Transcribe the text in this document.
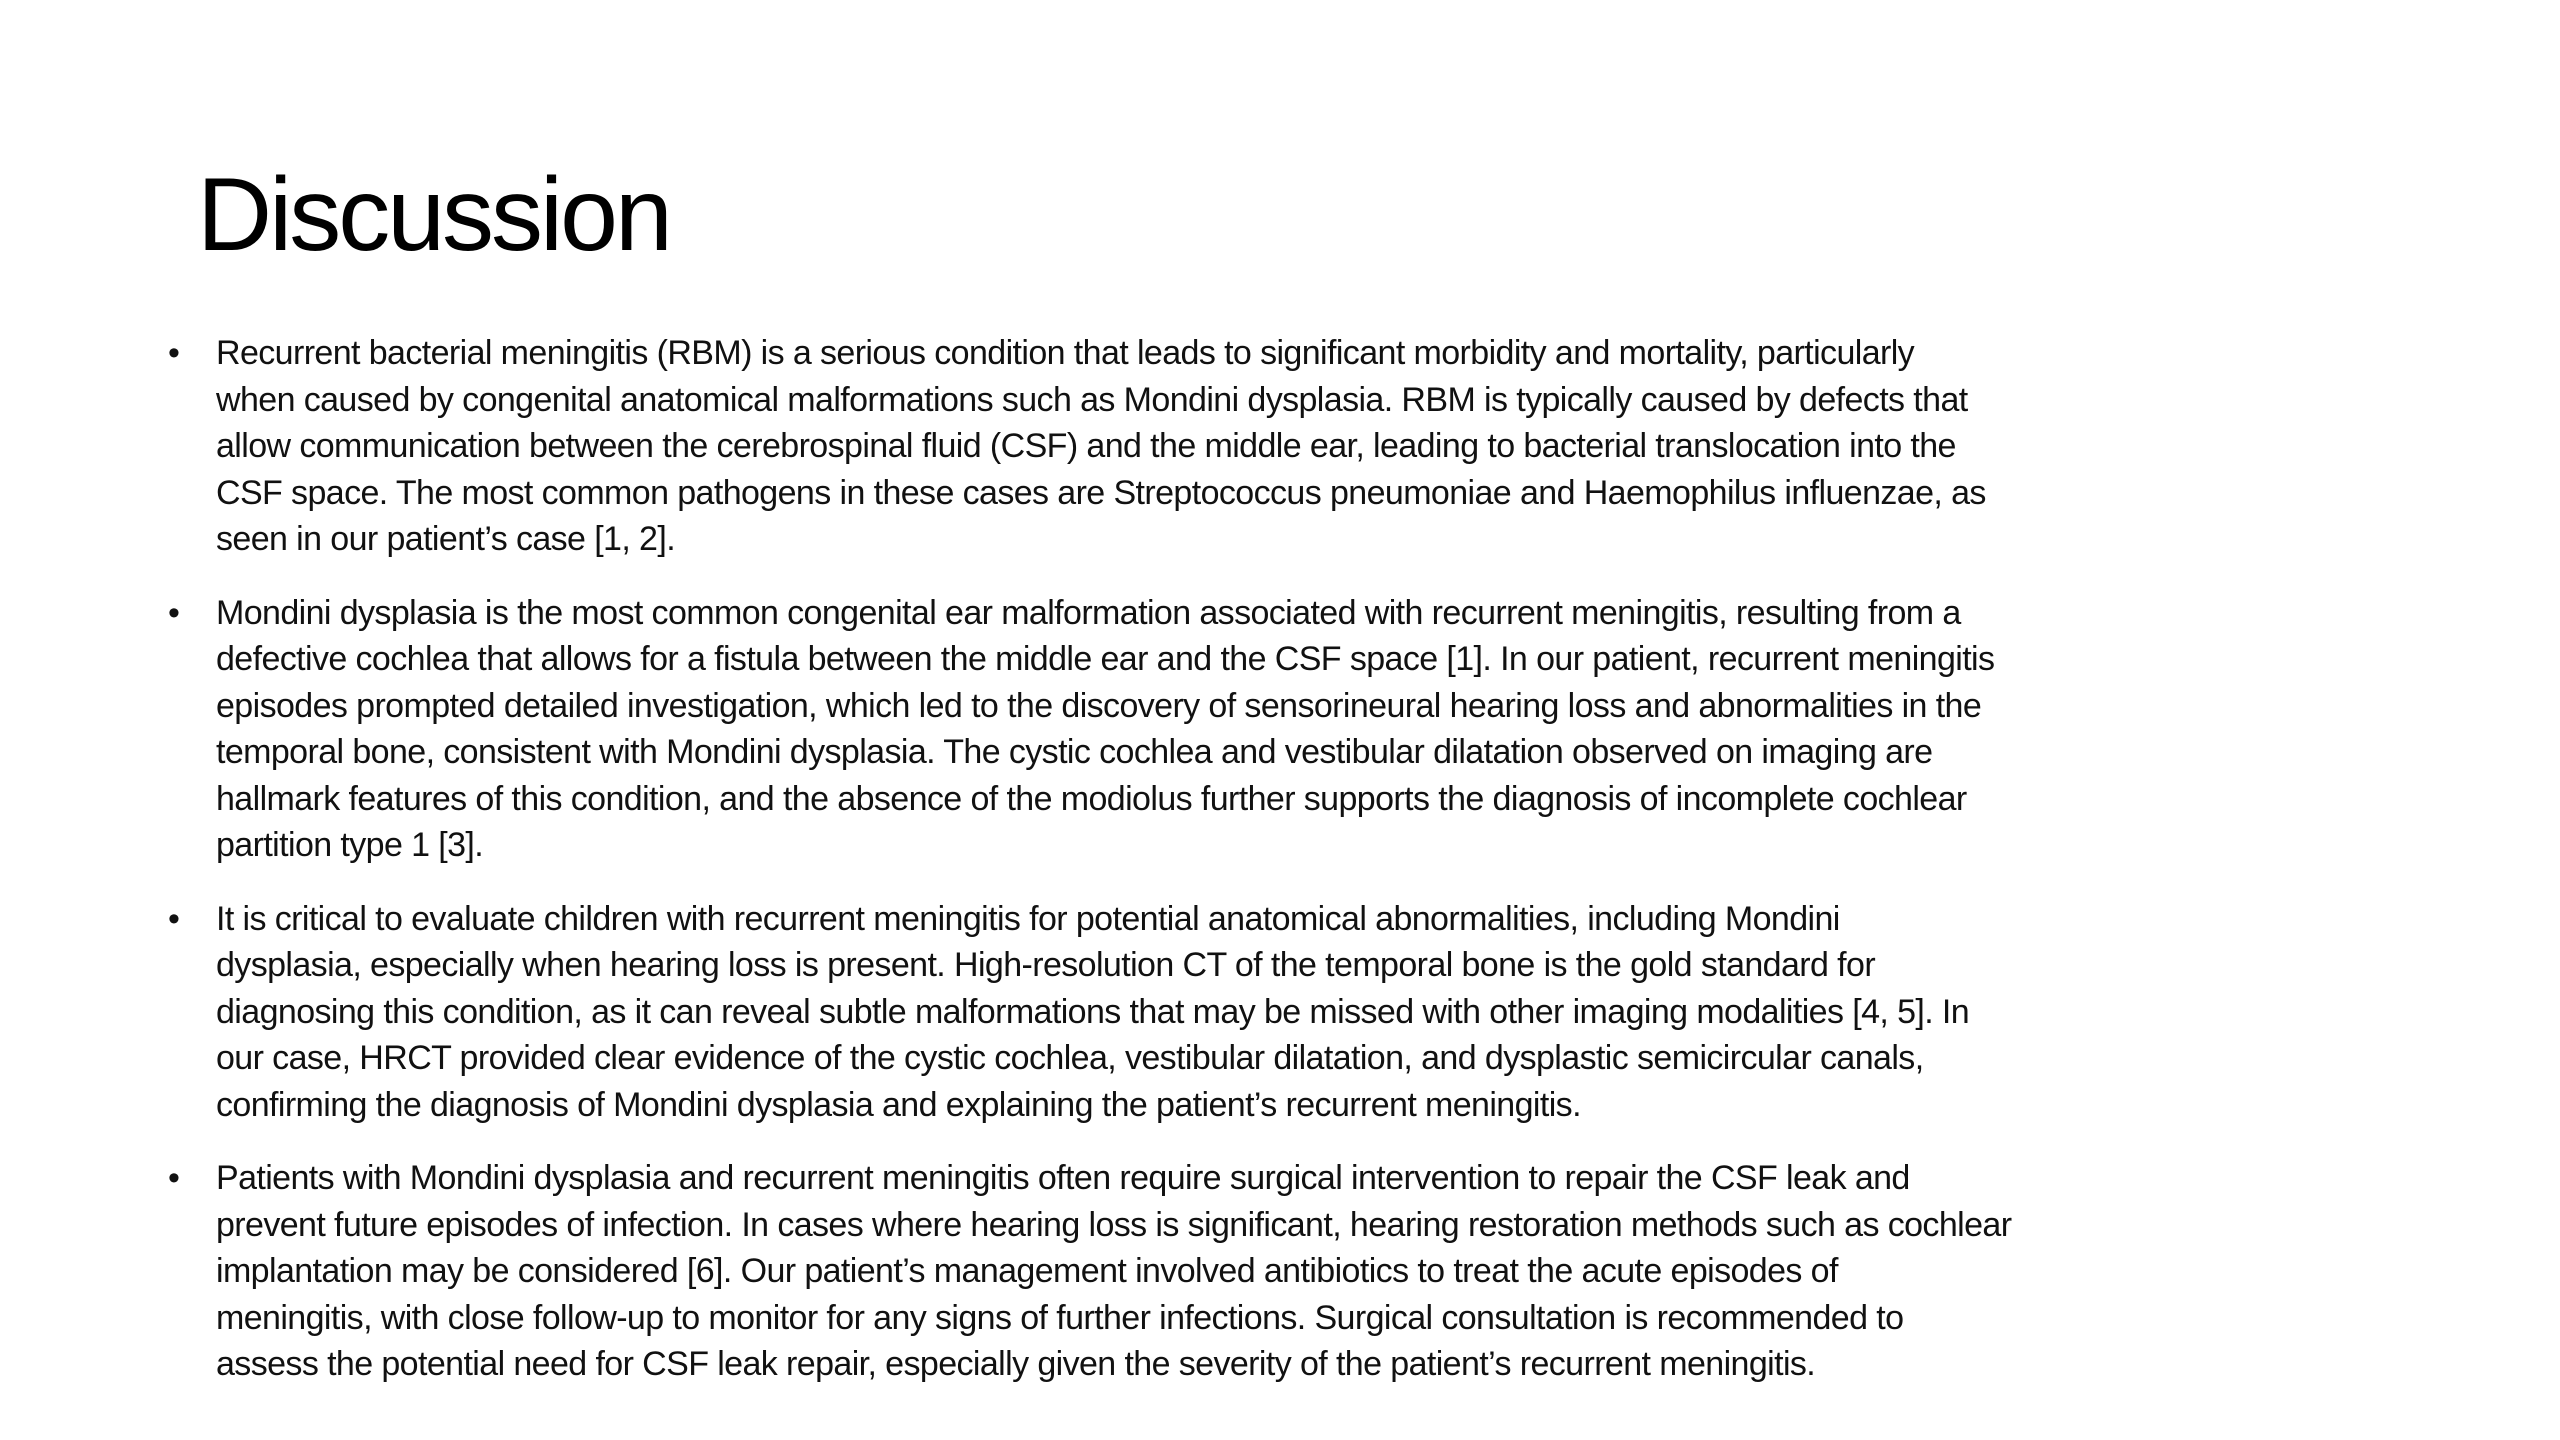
Discussion
• Recurrent bacterial meningitis (RBM) is a serious condition that leads to significant morbidity and mortality, particularly
when caused by congenital anatomical malformations such as Mondini dysplasia. RBM is typically caused by defects that
allow communication between the cerebrospinal fluid (CSF) and the middle ear, leading to bacterial translocation into the
CSF space. The most common pathogens in these cases are Streptococcus pneumoniae and Haemophilus influenzae, as
seen in our patient’s case [1, 2].
• Mondini dysplasia is the most common congenital ear malformation associated with recurrent meningitis, resulting from a
defective cochlea that allows for a fistula between the middle ear and the CSF space [1]. In our patient, recurrent meningitis
episodes prompted detailed investigation, which led to the discovery of sensorineural hearing loss and abnormalities in the
temporal bone, consistent with Mondini dysplasia. The cystic cochlea and vestibular dilatation observed on imaging are
hallmark features of this condition, and the absence of the modiolus further supports the diagnosis of incomplete cochlear
partition type 1 [3].
• It is critical to evaluate children with recurrent meningitis for potential anatomical abnormalities, including Mondini
dysplasia, especially when hearing loss is present. High-resolution CT of the temporal bone is the gold standard for
diagnosing this condition, as it can reveal subtle malformations that may be missed with other imaging modalities [4, 5]. In
our case, HRCT provided clear evidence of the cystic cochlea, vestibular dilatation, and dysplastic semicircular canals,
confirming the diagnosis of Mondini dysplasia and explaining the patient’s recurrent meningitis.
• Patients with Mondini dysplasia and recurrent meningitis often require surgical intervention to repair the CSF leak and
prevent future episodes of infection. In cases where hearing loss is significant, hearing restoration methods such as cochlear
implantation may be considered [6]. Our patient’s management involved antibiotics to treat the acute episodes of
meningitis, with close follow-up to monitor for any signs of further infections. Surgical consultation is recommended to
assess the potential need for CSF leak repair, especially given the severity of the patient’s recurrent meningitis.
